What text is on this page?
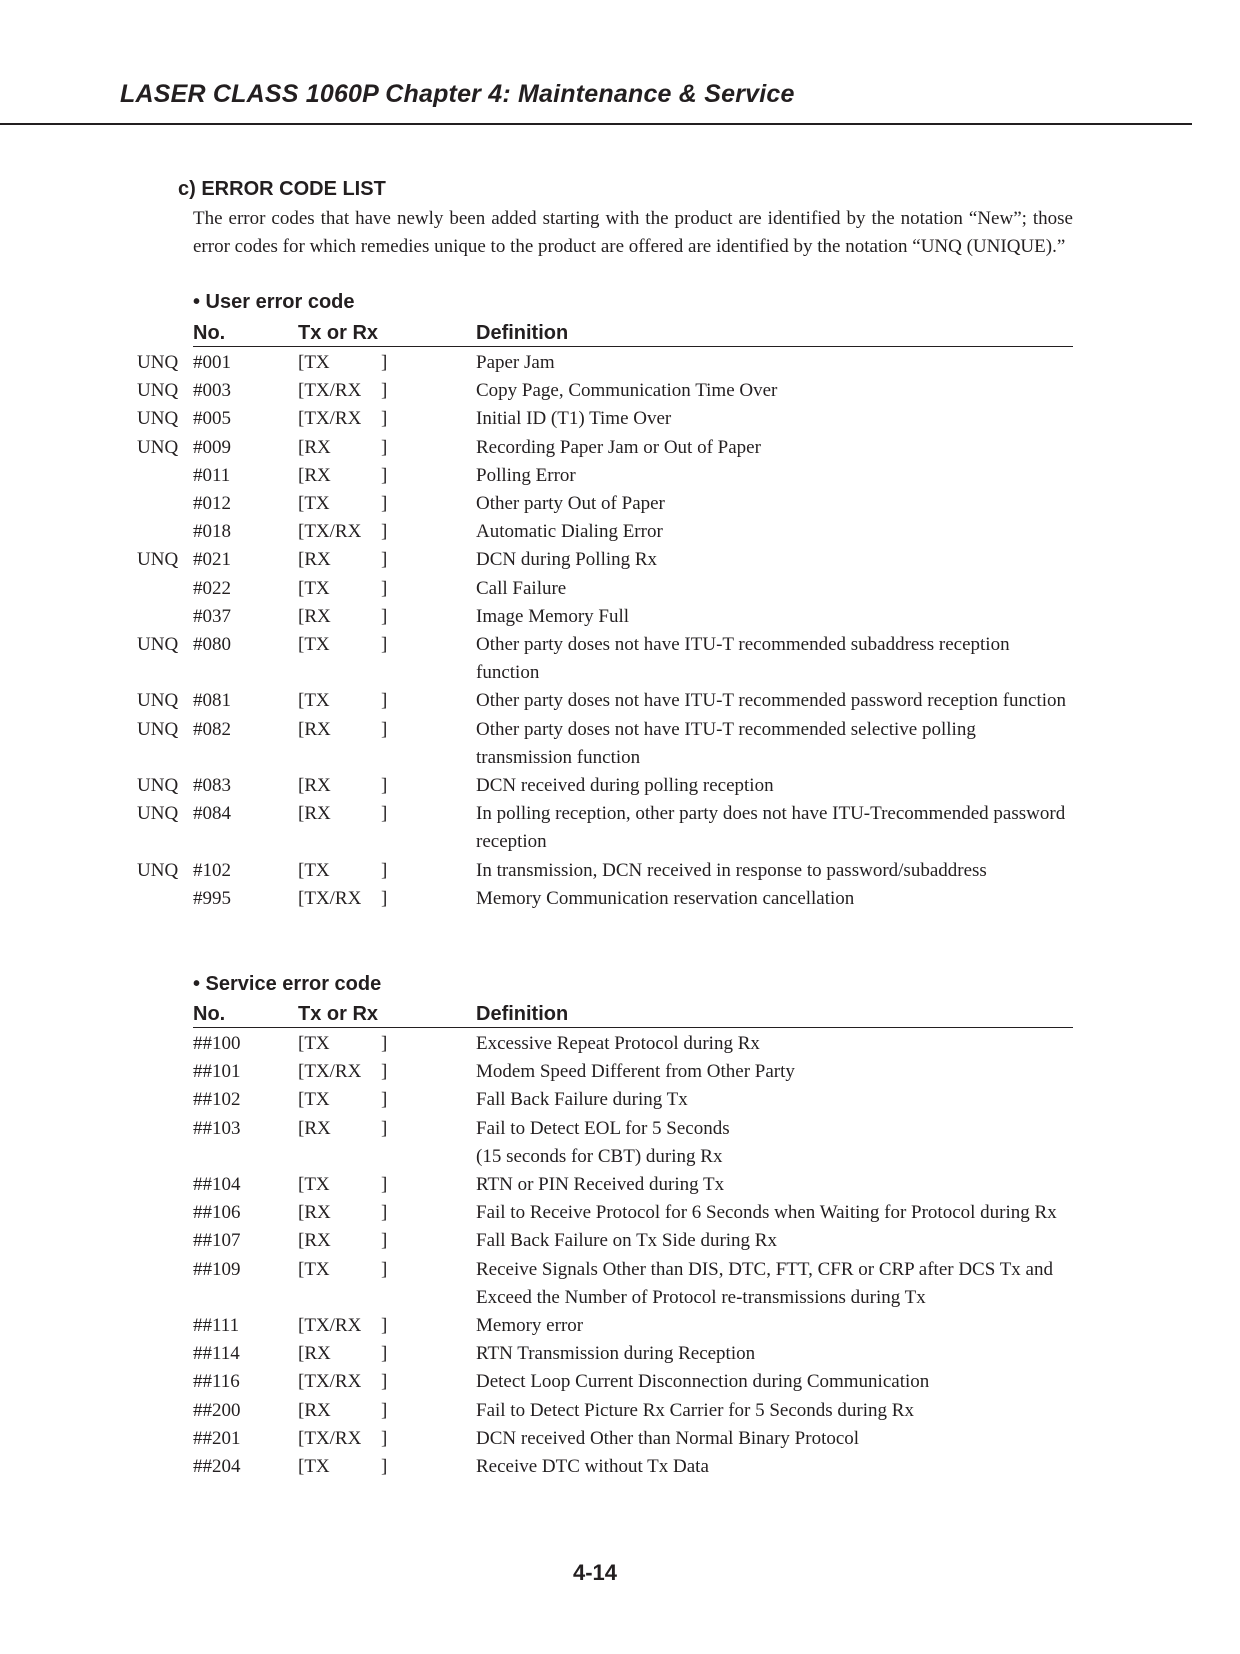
LASER CLASS 1060P Chapter 4: Maintenance & Service
c) ERROR CODE LIST
The error codes that have newly been added starting with the product are identified by the notation “New”; those error codes for which remedies unique to the product are offered are identified by the notation “UNQ (UNIQUE).”
• User error code
No.	Tx or Rx	Definition
UNQ #001	[TX	]	Paper Jam
UNQ #003	[TX/RX ]	Copy Page, Communication Time Over
UNQ #005	[TX/RX ]	Initial ID (T1) Time Over
UNQ #009	[RX	]	Recording Paper Jam or Out of Paper
#011	[RX	]	Polling Error
#012	[TX	]	Other party Out of Paper
#018	[TX/RX ]	Automatic Dialing Error
UNQ #021	[RX	]	DCN during Polling Rx
#022	[TX	]	Call Failure
#037	[RX	]	Image Memory Full
UNQ #080	[TX	]	Other party doses not have ITU-T recommended subaddress reception function
UNQ #081	[TX	]	Other party doses not have ITU-T recommended password reception function
UNQ #082	[RX	]	Other party doses not have ITU-T recommended selective polling transmission function
UNQ #083	[RX	]	DCN received during polling reception
UNQ #084	[RX	]	In polling reception, other party does not have ITU-Trecommended password reception
UNQ #102	[TX	]	In transmission, DCN received in response to password/subaddress
#995	[TX/RX ]	Memory Communication reservation cancellation
• Service error code
No.	Tx or Rx	Definition
##100	[TX	]	Excessive Repeat Protocol during Rx
##101	[TX/RX ]	Modem Speed Different from Other Party
##102	[TX	]	Fall Back Failure during Tx
##103	[RX	]	Fail to Detect EOL for 5 Seconds
(15 seconds for CBT) during Rx
##104	[TX	]	RTN or PIN Received during Tx
##106	[RX	]	Fail to Receive Protocol for 6 Seconds when Waiting for Protocol during Rx
##107	[RX	]	Fall Back Failure on Tx Side during Rx
##109	[TX	]	Receive Signals Other than DIS, DTC, FTT, CFR or CRP after DCS Tx and Exceed the Number of Protocol re-transmissions during Tx
##111	[TX/RX ]	Memory error
##114	[RX	]	RTN Transmission during Reception
##116	[TX/RX ]	Detect Loop Current Disconnection during Communication
##200	[RX	]	Fail to Detect Picture Rx Carrier for 5 Seconds during Rx
##201	[TX/RX ]	DCN received Other than Normal Binary Protocol
##204	[TX	]	Receive DTC without Tx Data
4-14
